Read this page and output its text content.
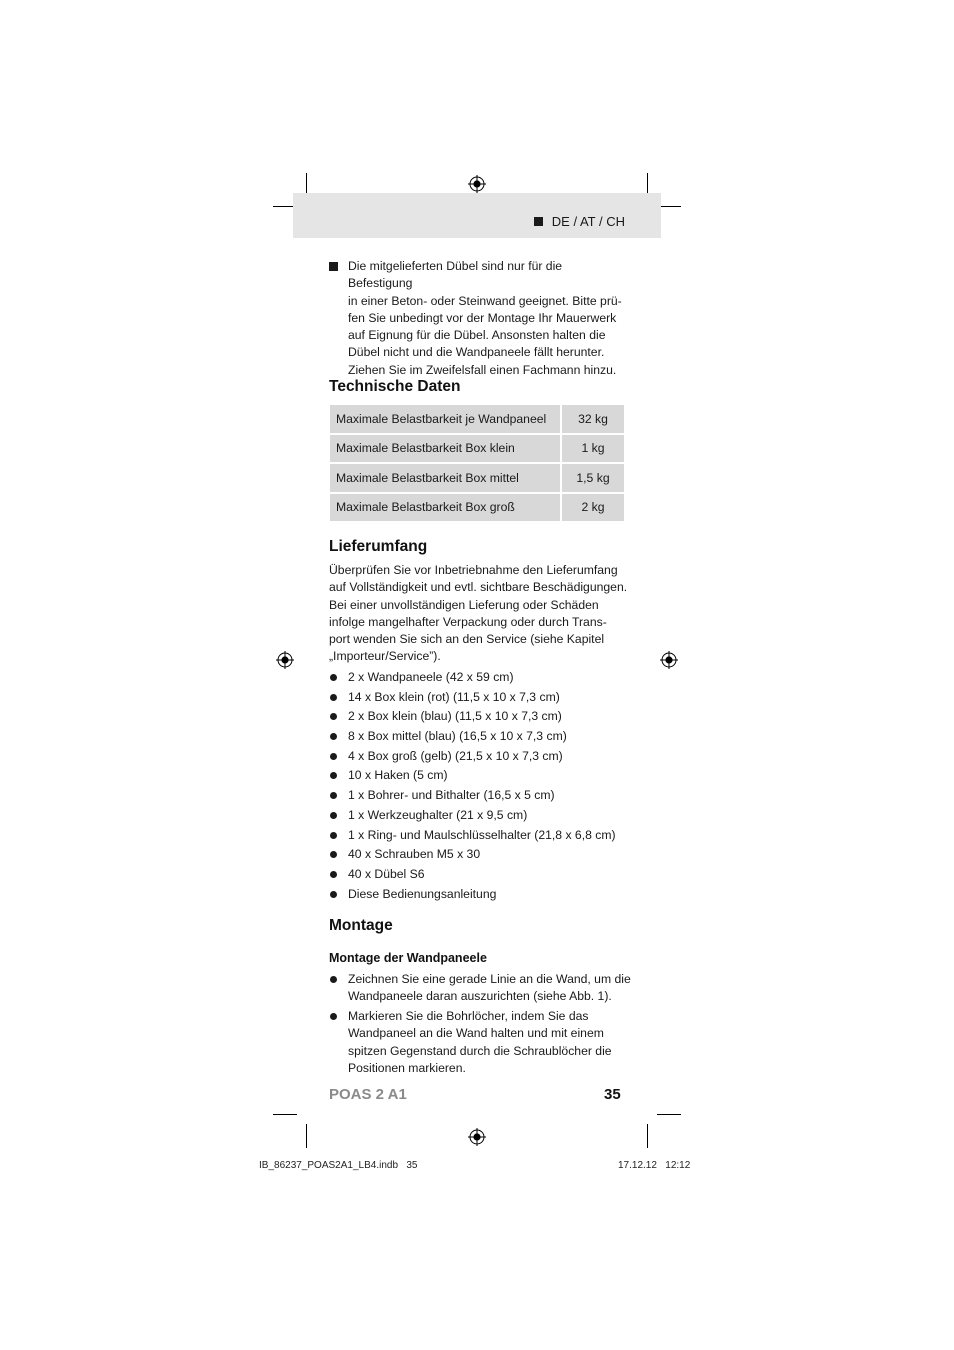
DE / AT / CH
Die mitgelieferten Dübel sind nur für die Befestigung
in einer Beton- oder Steinwand geeignet. Bitte prü-
fen Sie unbedingt vor der Montage Ihr Mauerwerk
auf Eignung für die Dübel. Ansonsten halten die
Dübel nicht und die Wandpaneele fällt herunter.
Ziehen Sie im Zweifelsfall einen Fachmann hinzu.
Technische Daten
Maximale Belastbarkeit je Wandpaneel	32 kg
Maximale Belastbarkeit Box klein	1 kg
Maximale Belastbarkeit Box mittel	1,5 kg
Maximale Belastbarkeit Box groß	2 kg
Lieferumfang
Überprüfen Sie vor Inbetriebnahme den Lieferumfang
auf Vollständigkeit und evtl. sichtbare Beschädigungen.
Bei einer unvollständigen Lieferung oder Schäden
infolge mangelhafter Verpackung oder durch Trans-
port wenden Sie sich an den Service (siehe Kapitel
„Importeur/Service”).
2 x Wandpaneele (42 x 59 cm)
14 x Box klein (rot) (11,5 x 10 x 7,3 cm)
2 x Box klein (blau) (11,5 x 10 x 7,3 cm)
8 x Box mittel (blau) (16,5 x 10 x 7,3 cm)
4 x Box groß (gelb) (21,5 x 10 x 7,3 cm)
10 x Haken (5 cm)
1 x Bohrer- und Bithalter (16,5 x 5 cm)
1 x Werkzeughalter (21 x 9,5 cm)
1 x Ring- und Maulschlüsselhalter (21,8 x 6,8 cm)
40 x Schrauben M5 x 30
40 x Dübel S6
Diese Bedienungsanleitung
Montage
Montage der Wandpaneele
Zeichnen Sie eine gerade Linie an die Wand, um die
Wandpaneele daran auszurichten (siehe Abb. 1).
Markieren Sie die Bohrlöcher, indem Sie das
Wandpaneel an die Wand halten und mit einem
spitzen Gegenstand durch die Schraublöcher die
Positionen markieren.
POAS 2 A1	35
IB_86237_POAS2A1_LB4.indb   35	17.12.12   12:12
